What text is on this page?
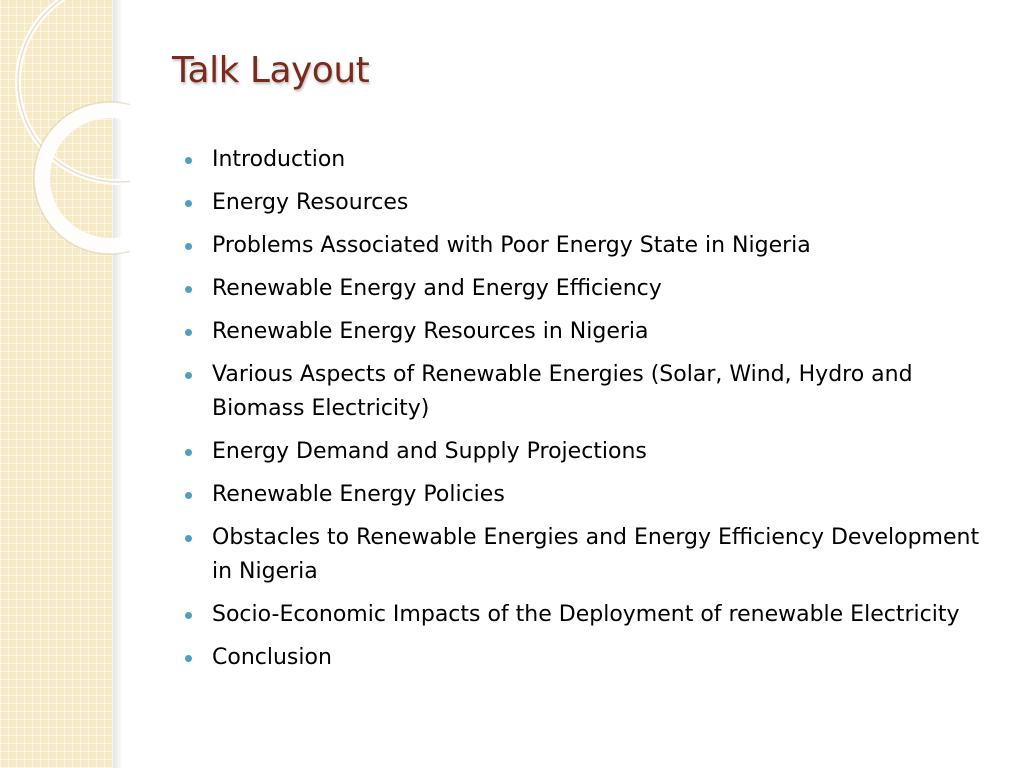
Talk Layout
Introduction
Energy Resources
Problems Associated with Poor Energy State in Nigeria
Renewable Energy and Energy Efficiency
Renewable Energy Resources in Nigeria
Various Aspects of Renewable Energies (Solar, Wind, Hydro and Biomass Electricity)
Energy Demand and Supply Projections
Renewable Energy Policies
Obstacles to Renewable Energies and Energy Efficiency Development in Nigeria
Socio-Economic Impacts of the Deployment of renewable Electricity
Conclusion
